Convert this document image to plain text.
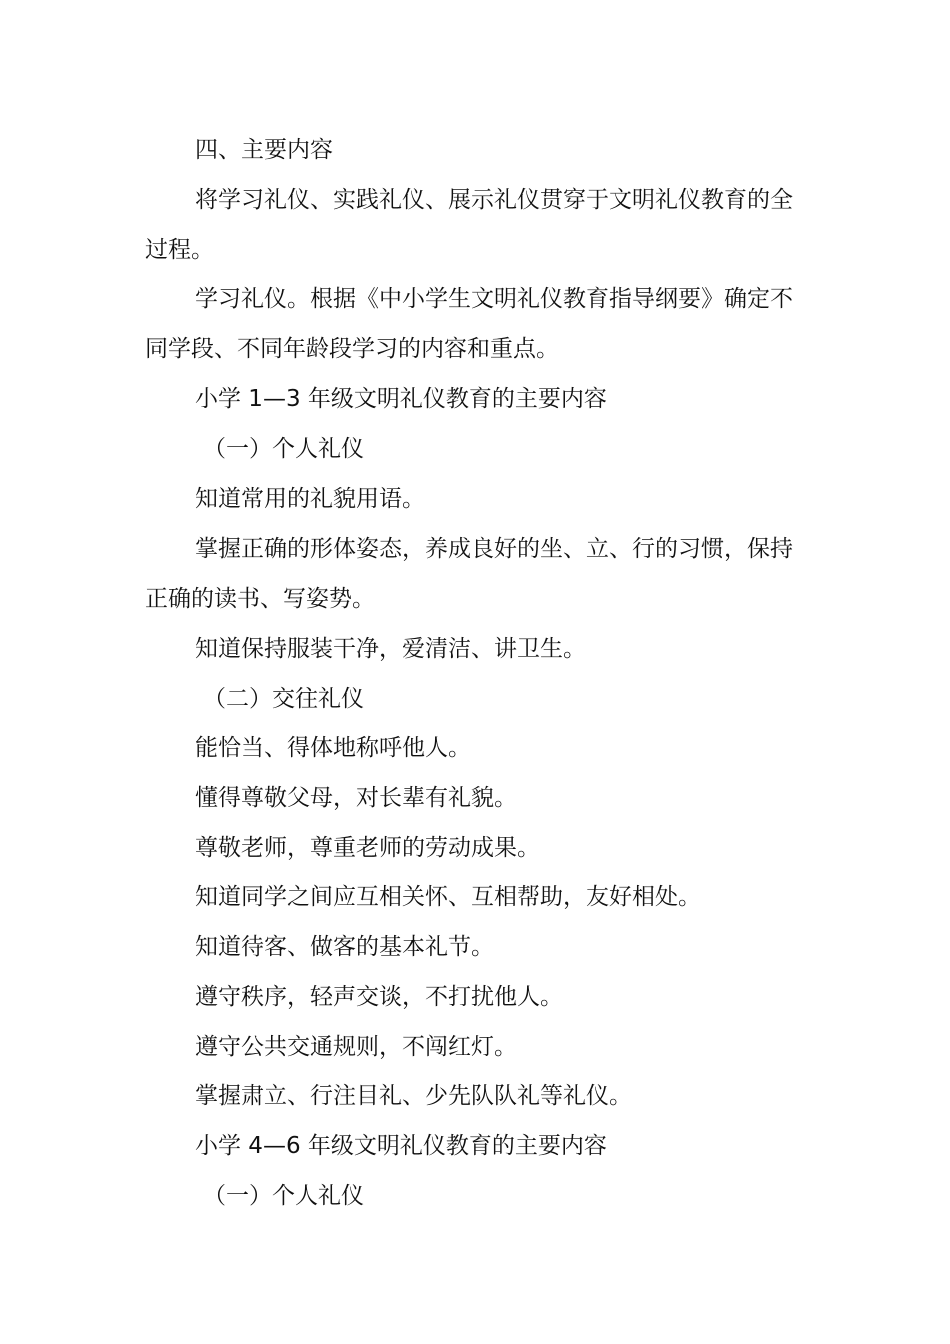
四、主要内容

将学习礼仪、实践礼仪、展示礼仪贯穿于文明礼仪教育的全过程。

学习礼仪。根据《中小学生文明礼仪教育指导纲要》确定不同学段、不同年龄段学习的内容和重点。

小学 1—3 年级文明礼仪教育的主要内容

（一）个人礼仪

知道常用的礼貌用语。

掌握正确的形体姿态，养成良好的坐、立、行的习惯，保持正确的读书、写姿势。

知道保持服装干净，爱清洁、讲卫生。

（二）交往礼仪

能恰当、得体地称呼他人。

懂得尊敬父母，对长辈有礼貌。

尊敬老师，尊重老师的劳动成果。

知道同学之间应互相关怀、互相帮助，友好相处。

知道待客、做客的基本礼节。

遵守秩序，轻声交谈，不打扰他人。

遵守公共交通规则，不闯红灯。

掌握肃立、行注目礼、少先队队礼等礼仪。

小学 4—6 年级文明礼仪教育的主要内容

（一）个人礼仪
